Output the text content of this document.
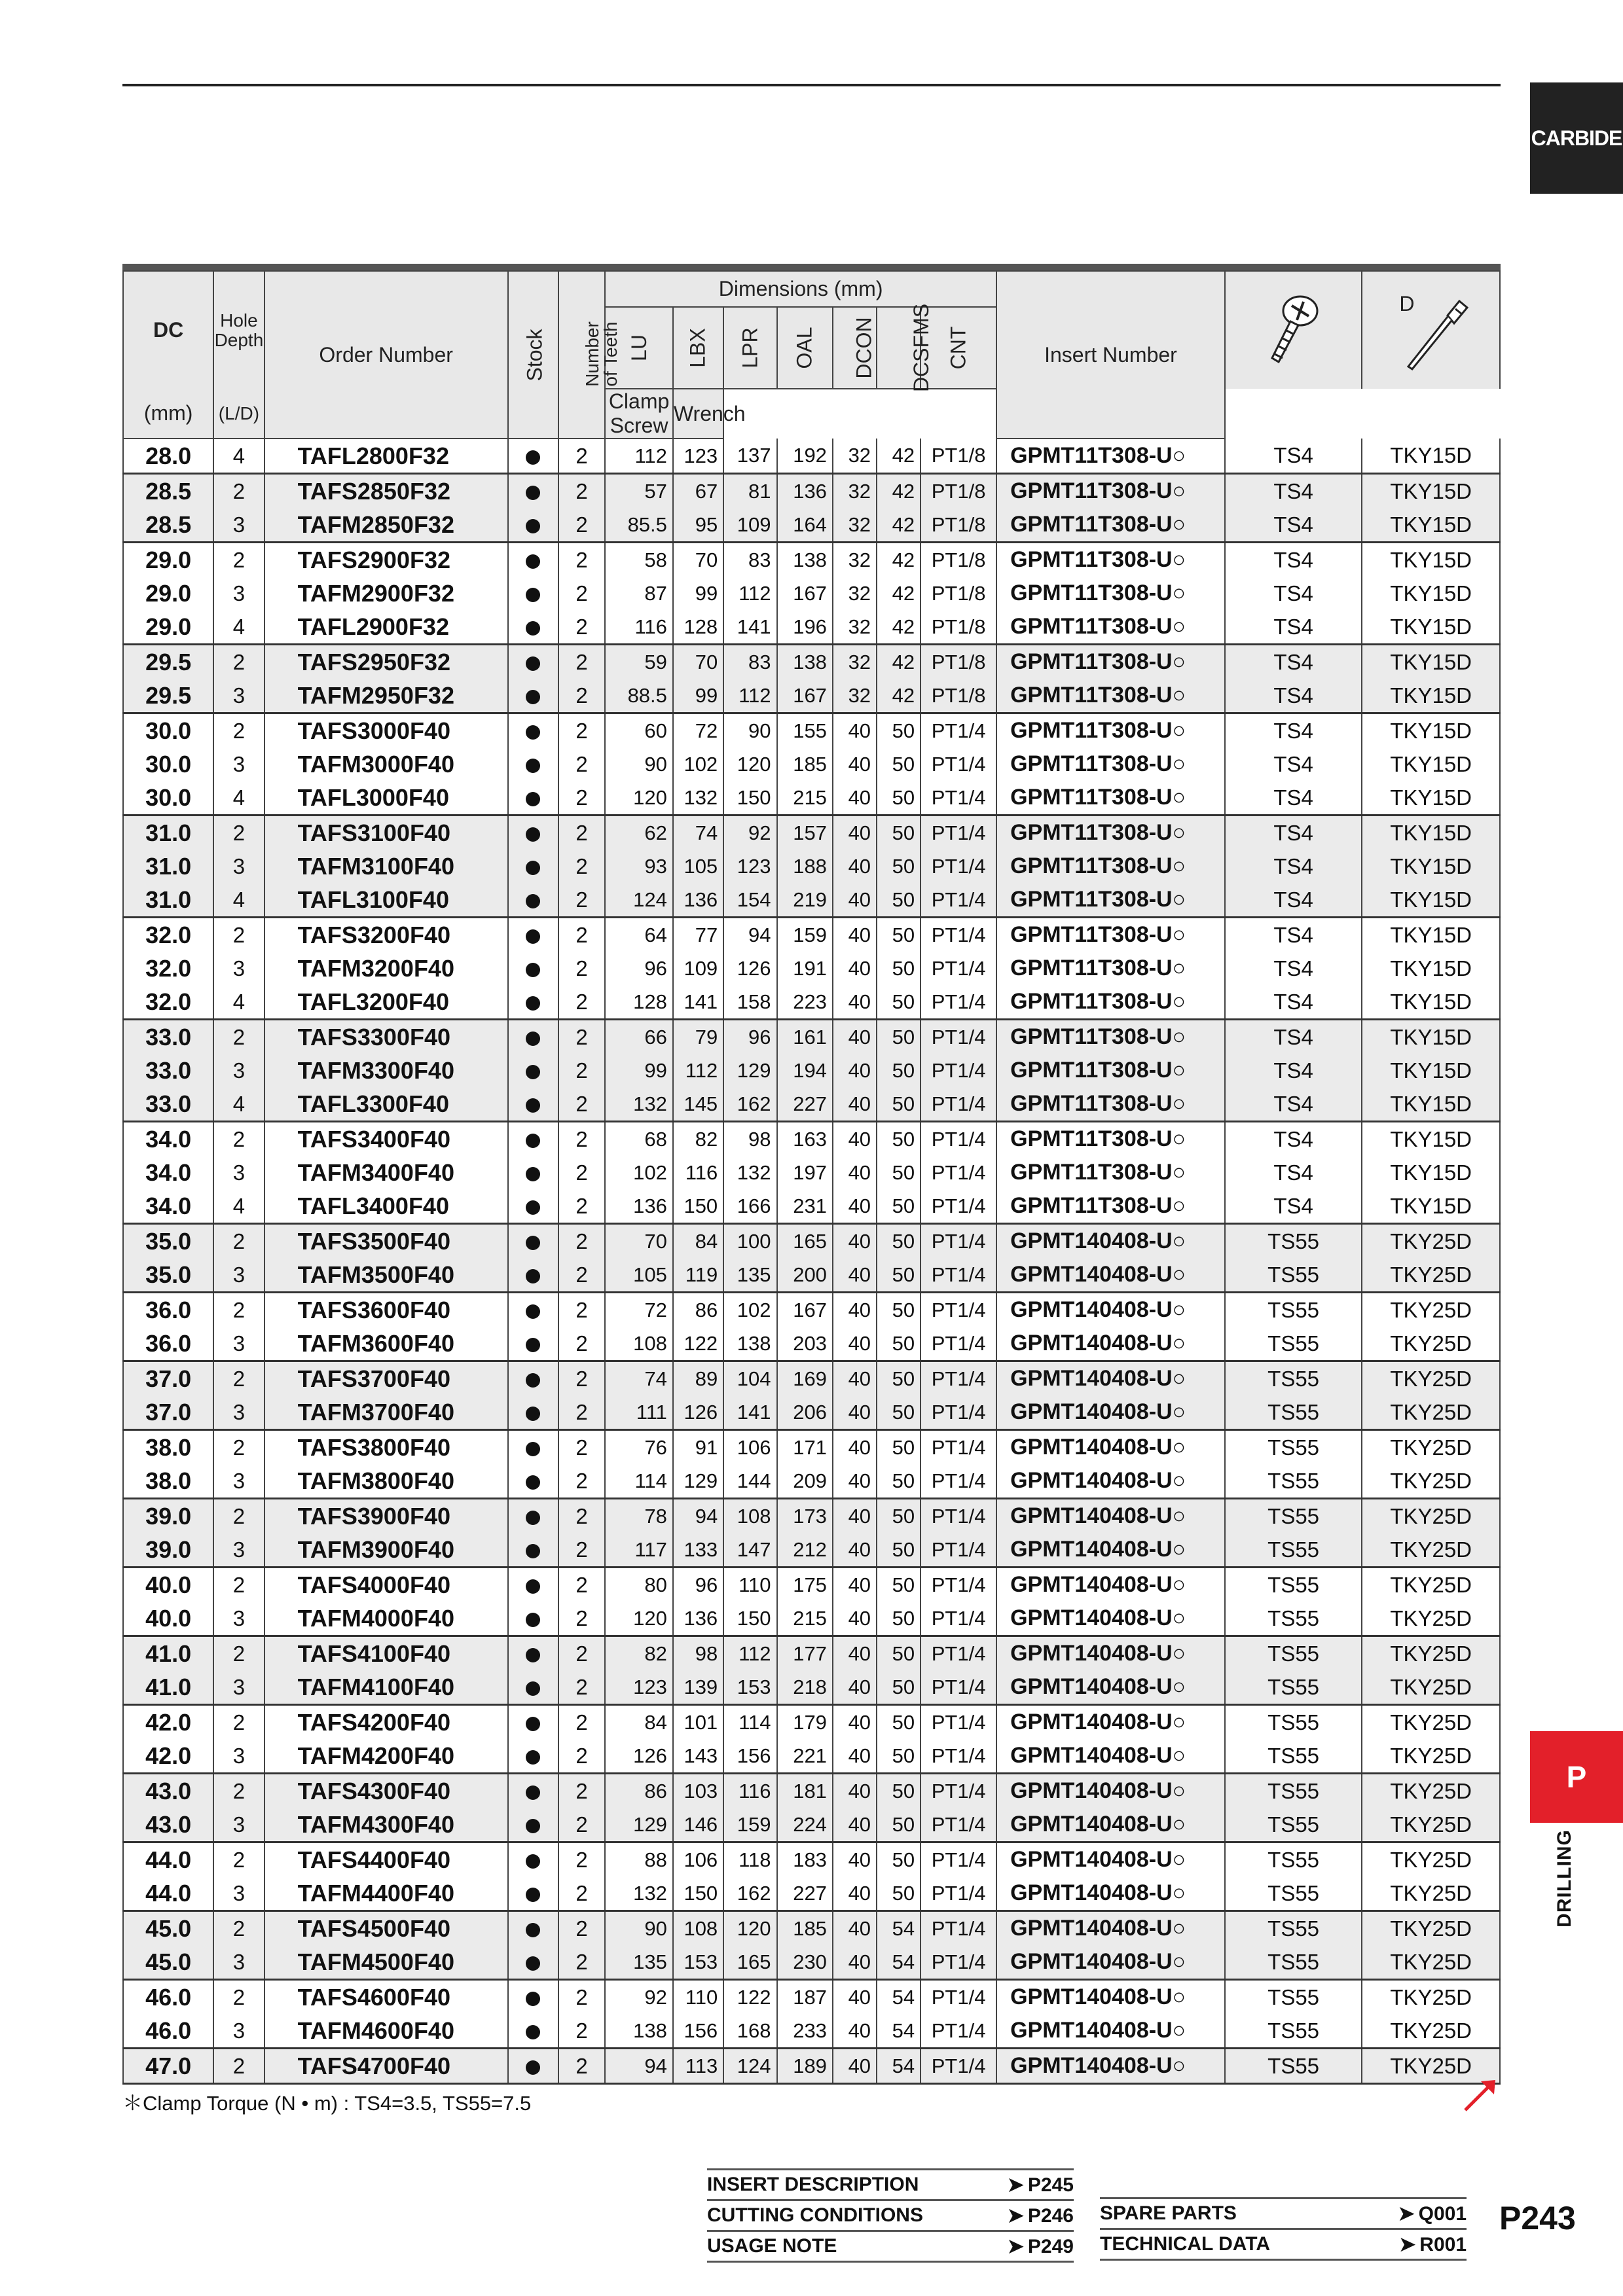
CARBIDE
P
DRILLING

DC	Hole Depth	Order Number	Stock	Number of Teeth	Dimensions (mm)							Insert Number		D

					LU	LBX	LPR	OAL	DCON	DCSFMS	CNT			
(mm)	(L/D)				Clamp Screw	Wrench								
28.0	4	TAFL2800F32		2	112	123	137	192	32	42	PT1/8	GPMT11T308-U○	TS4	TKY15D
28.5	2	TAFS2850F32		2	57	67	81	136	32	42	PT1/8	GPMT11T308-U○	TS4	TKY15D
28.5	3	TAFM2850F32		2	85.5	95	109	164	32	42	PT1/8	GPMT11T308-U○	TS4	TKY15D
29.0	2	TAFS2900F32		2	58	70	83	138	32	42	PT1/8	GPMT11T308-U○	TS4	TKY15D
29.0	3	TAFM2900F32		2	87	99	112	167	32	42	PT1/8	GPMT11T308-U○	TS4	TKY15D
29.0	4	TAFL2900F32		2	116	128	141	196	32	42	PT1/8	GPMT11T308-U○	TS4	TKY15D
29.5	2	TAFS2950F32		2	59	70	83	138	32	42	PT1/8	GPMT11T308-U○	TS4	TKY15D
29.5	3	TAFM2950F32		2	88.5	99	112	167	32	42	PT1/8	GPMT11T308-U○	TS4	TKY15D
30.0	2	TAFS3000F40		2	60	72	90	155	40	50	PT1/4	GPMT11T308-U○	TS4	TKY15D
30.0	3	TAFM3000F40		2	90	102	120	185	40	50	PT1/4	GPMT11T308-U○	TS4	TKY15D
30.0	4	TAFL3000F40		2	120	132	150	215	40	50	PT1/4	GPMT11T308-U○	TS4	TKY15D
31.0	2	TAFS3100F40		2	62	74	92	157	40	50	PT1/4	GPMT11T308-U○	TS4	TKY15D
31.0	3	TAFM3100F40		2	93	105	123	188	40	50	PT1/4	GPMT11T308-U○	TS4	TKY15D
31.0	4	TAFL3100F40		2	124	136	154	219	40	50	PT1/4	GPMT11T308-U○	TS4	TKY15D
32.0	2	TAFS3200F40		2	64	77	94	159	40	50	PT1/4	GPMT11T308-U○	TS4	TKY15D
32.0	3	TAFM3200F40		2	96	109	126	191	40	50	PT1/4	GPMT11T308-U○	TS4	TKY15D
32.0	4	TAFL3200F40		2	128	141	158	223	40	50	PT1/4	GPMT11T308-U○	TS4	TKY15D
33.0	2	TAFS3300F40		2	66	79	96	161	40	50	PT1/4	GPMT11T308-U○	TS4	TKY15D
33.0	3	TAFM3300F40		2	99	112	129	194	40	50	PT1/4	GPMT11T308-U○	TS4	TKY15D
33.0	4	TAFL3300F40		2	132	145	162	227	40	50	PT1/4	GPMT11T308-U○	TS4	TKY15D
34.0	2	TAFS3400F40		2	68	82	98	163	40	50	PT1/4	GPMT11T308-U○	TS4	TKY15D
34.0	3	TAFM3400F40		2	102	116	132	197	40	50	PT1/4	GPMT11T308-U○	TS4	TKY15D
34.0	4	TAFL3400F40		2	136	150	166	231	40	50	PT1/4	GPMT11T308-U○	TS4	TKY15D
35.0	2	TAFS3500F40		2	70	84	100	165	40	50	PT1/4	GPMT140408-U○	TS55	TKY25D
35.0	3	TAFM3500F40		2	105	119	135	200	40	50	PT1/4	GPMT140408-U○	TS55	TKY25D
36.0	2	TAFS3600F40		2	72	86	102	167	40	50	PT1/4	GPMT140408-U○	TS55	TKY25D
36.0	3	TAFM3600F40		2	108	122	138	203	40	50	PT1/4	GPMT140408-U○	TS55	TKY25D
37.0	2	TAFS3700F40		2	74	89	104	169	40	50	PT1/4	GPMT140408-U○	TS55	TKY25D
37.0	3	TAFM3700F40		2	111	126	141	206	40	50	PT1/4	GPMT140408-U○	TS55	TKY25D
38.0	2	TAFS3800F40		2	76	91	106	171	40	50	PT1/4	GPMT140408-U○	TS55	TKY25D
38.0	3	TAFM3800F40		2	114	129	144	209	40	50	PT1/4	GPMT140408-U○	TS55	TKY25D
39.0	2	TAFS3900F40		2	78	94	108	173	40	50	PT1/4	GPMT140408-U○	TS55	TKY25D
39.0	3	TAFM3900F40		2	117	133	147	212	40	50	PT1/4	GPMT140408-U○	TS55	TKY25D
40.0	2	TAFS4000F40		2	80	96	110	175	40	50	PT1/4	GPMT140408-U○	TS55	TKY25D
40.0	3	TAFM4000F40		2	120	136	150	215	40	50	PT1/4	GPMT140408-U○	TS55	TKY25D
41.0	2	TAFS4100F40		2	82	98	112	177	40	50	PT1/4	GPMT140408-U○	TS55	TKY25D
41.0	3	TAFM4100F40		2	123	139	153	218	40	50	PT1/4	GPMT140408-U○	TS55	TKY25D
42.0	2	TAFS4200F40		2	84	101	114	179	40	50	PT1/4	GPMT140408-U○	TS55	TKY25D
42.0	3	TAFM4200F40		2	126	143	156	221	40	50	PT1/4	GPMT140408-U○	TS55	TKY25D
43.0	2	TAFS4300F40		2	86	103	116	181	40	50	PT1/4	GPMT140408-U○	TS55	TKY25D
43.0	3	TAFM4300F40		2	129	146	159	224	40	50	PT1/4	GPMT140408-U○	TS55	TKY25D
44.0	2	TAFS4400F40		2	88	106	118	183	40	50	PT1/4	GPMT140408-U○	TS55	TKY25D
44.0	3	TAFM4400F40		2	132	150	162	227	40	50	PT1/4	GPMT140408-U○	TS55	TKY25D
45.0	2	TAFS4500F40		2	90	108	120	185	40	54	PT1/4	GPMT140408-U○	TS55	TKY25D
45.0	3	TAFM4500F40		2	135	153	165	230	40	54	PT1/4	GPMT140408-U○	TS55	TKY25D
46.0	2	TAFS4600F40		2	92	110	122	187	40	54	PT1/4	GPMT140408-U○	TS55	TKY25D
46.0	3	TAFM4600F40		2	138	156	168	233	40	54	PT1/4	GPMT140408-U○	TS55	TKY25D
47.0	2	TAFS4700F40		2	94	113	124	189	40	54	PT1/4	GPMT140408-U○	TS55	TKY25D
＊Clamp Torque (N • m) : TS4=3.5, TS55=7.5
INSERT DESCRIPTION	➤ P245
CUTTING CONDITIONS	➤ P246
USAGE NOTE	➤ P249
SPARE PARTS	➤ Q001
TECHNICAL DATA	➤ R001
P243
